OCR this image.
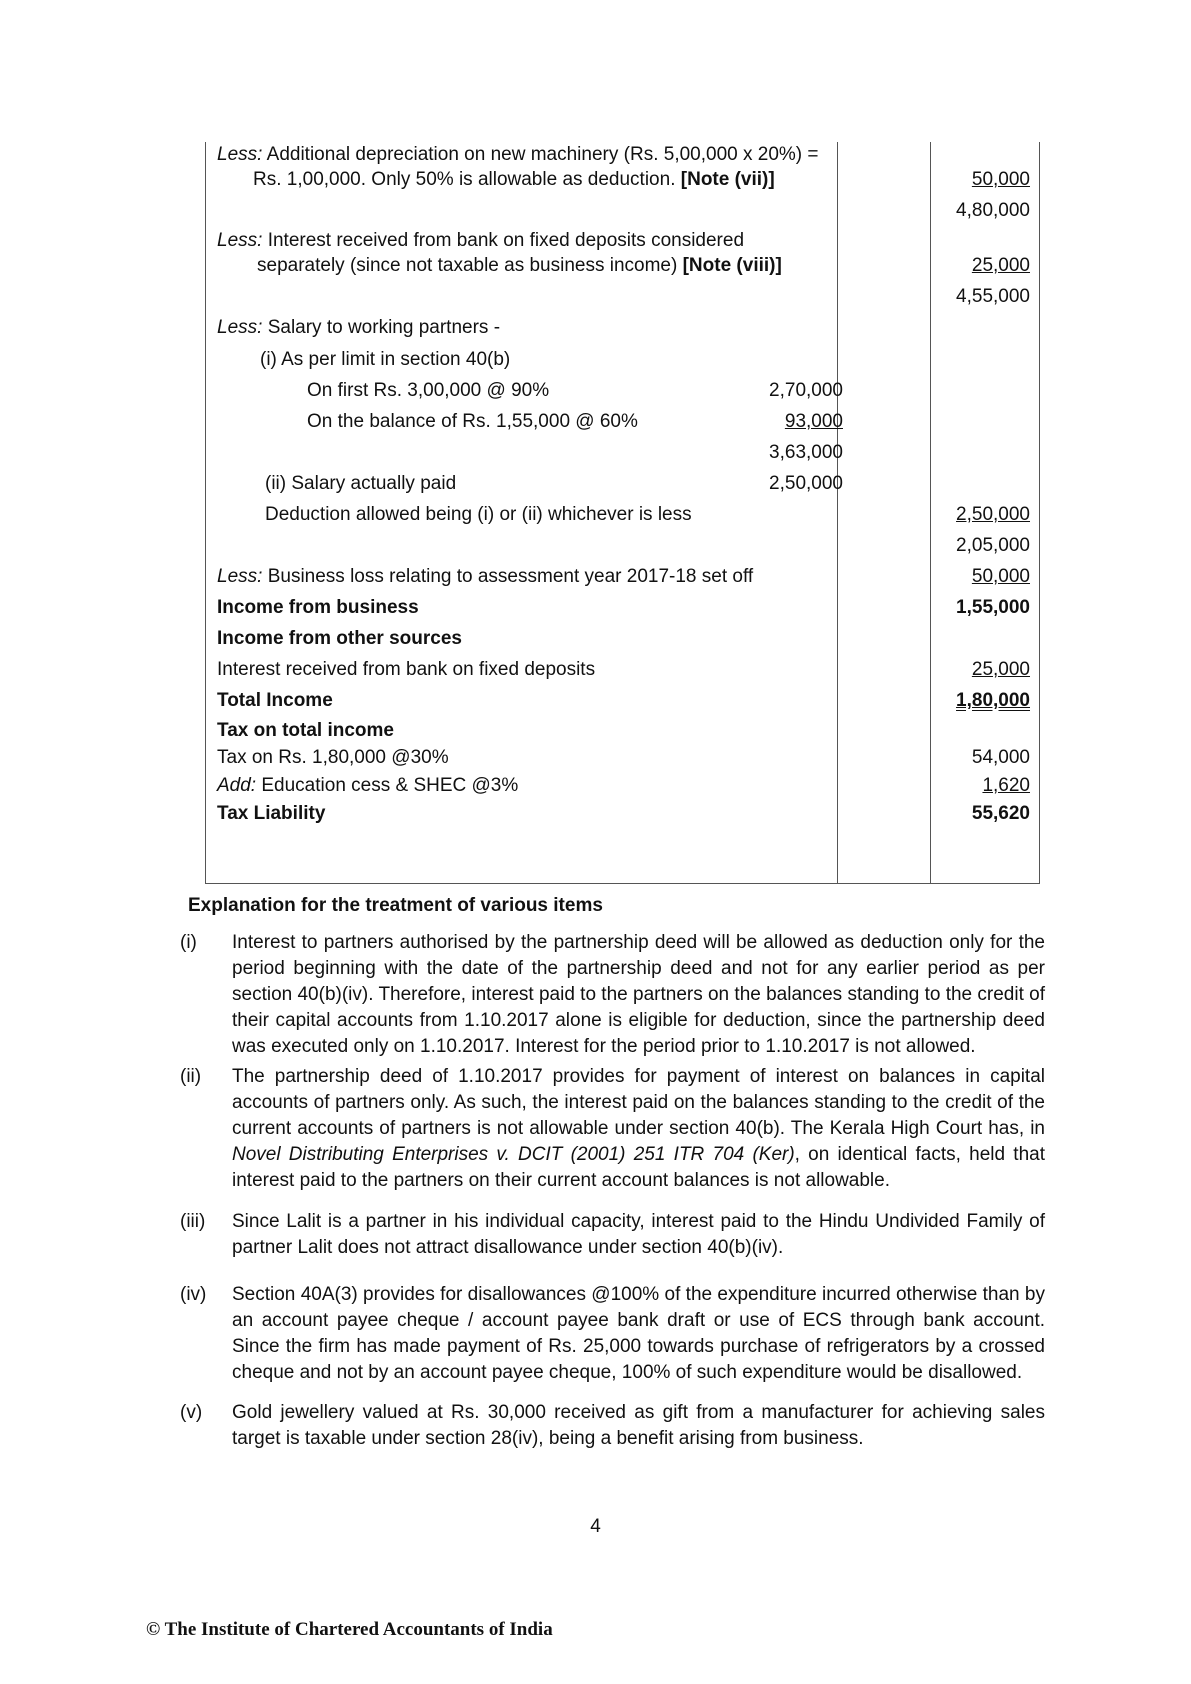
Less: Additional depreciation on new machinery (Rs. 5,00,000 x 20%) =
Rs. 1,00,000. Only 50% is allowable as deduction. [Note (vii)]	50,000
4,80,000
Less: Interest received from bank on fixed deposits considered
separately (since not taxable as business income) [Note (viii)]	25,000
4,55,000
Less: Salary to working partners -
(i) As per limit in section 40(b)
On first Rs. 3,00,000 @ 90%	2,70,000
On the balance of Rs. 1,55,000 @ 60%	93,000
3,63,000
(ii) Salary actually paid	2,50,000
Deduction allowed being (i) or (ii) whichever is less	2,50,000
2,05,000
Less: Business loss relating to assessment year 2017-18 set off	50,000
Income from business	1,55,000
Income from other sources
Interest received from bank on fixed deposits	25,000
Total Income	1,80,000
Tax on total income
Tax on Rs. 1,80,000 @30%	54,000
Add: Education cess & SHEC @3%	1,620
Tax Liability	55,620
Explanation for the treatment of various items
(i) Interest to partners authorised by the partnership deed will be allowed as deduction only for the period beginning with the date of the partnership deed and not for any earlier period as per section 40(b)(iv). Therefore, interest paid to the partners on the balances standing to the credit of their capital accounts from 1.10.2017 alone is eligible for deduction, since the partnership deed was executed only on 1.10.2017. Interest for the period prior to 1.10.2017 is not allowed.
(ii) The partnership deed of 1.10.2017 provides for payment of interest on balances in capital accounts of partners only. As such, the interest paid on the balances standing to the credit of the current accounts of partners is not allowable under section 40(b). The Kerala High Court has, in Novel Distributing Enterprises v. DCIT (2001) 251 ITR 704 (Ker), on identical facts, held that interest paid to the partners on their current account balances is not allowable.
(iii) Since Lalit is a partner in his individual capacity, interest paid to the Hindu Undivided Family of partner Lalit does not attract disallowance under section 40(b)(iv).
(iv) Section 40A(3) provides for disallowances @100% of the expenditure incurred otherwise than by an account payee cheque / account payee bank draft or use of ECS through bank account. Since the firm has made payment of Rs. 25,000 towards purchase of refrigerators by a crossed cheque and not by an account payee cheque, 100% of such expenditure would be disallowed.
(v) Gold jewellery valued at Rs. 30,000 received as gift from a manufacturer for achieving sales target is taxable under section 28(iv), being a benefit arising from business.
4
© The Institute of Chartered Accountants of India
